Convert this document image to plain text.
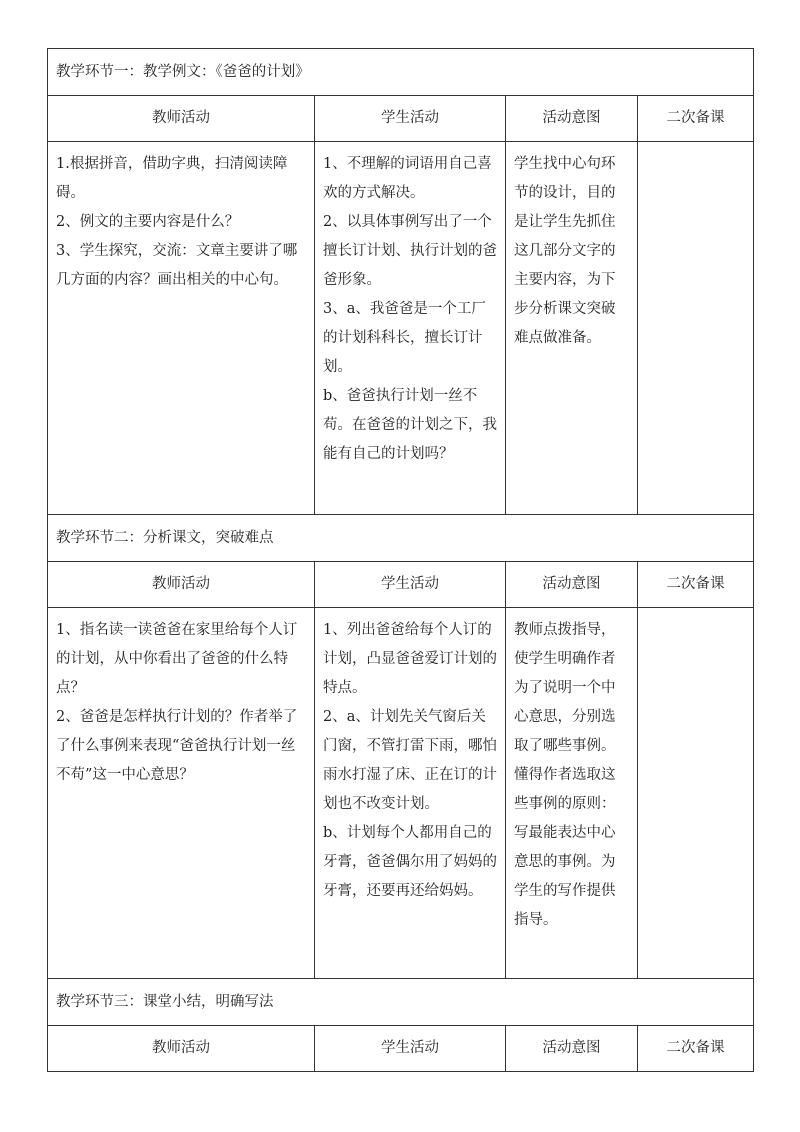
教学环节一：教学例文：《爸爸的计划》			
教师活动	学生活动	活动意图	二次备课

1.根据拼音，借助字典，扫清阅读障碍。
2、例文的主要内容是什么？
3、学生探究，交流：文章主要讲了哪几方面的内容？画出相关的中心句。	1、不理解的词语用自己喜欢的方式解决。
2、以具体事例写出了一个擅长订计划、执行计划的爸爸形象。
3、a、我爸爸是一个工厂的计划科科长，擅长订计划。
b、爸爸执行计划一丝不苟。在爸爸的计划之下，我能有自己的计划吗？	学生找中心句环节的设计，目的是让学生先抓住这几部分文字的主要内容，为下步分析课文突破难点做准备。	

教学环节二：分析课文，突破难点			
教师活动	学生活动	活动意图	二次备课

1、指名读一读爸爸在家里给每个人订的计划，从中你看出了爸爸的什么特点？
2、爸爸是怎样执行计划的？作者举了了什么事例来表现“爸爸执行计划一丝不苟”这一中心意思？	1、列出爸爸给每个人订的计划，凸显爸爸爱订计划的特点。
2、a、计划先关气窗后关门窗，不管打雷下雨，哪怕雨水打湿了床、正在订的计划也不改变计划。
b、计划每个人都用自己的牙膏，爸爸偶尔用了妈妈的牙膏，还要再还给妈妈。	教师点拨指导，使学生明确作者为了说明一个中心意思，分别选取了哪些事例。懂得作者选取这些事例的原则：写最能表达中心意思的事例。为学生的写作提供指导。	

教学环节三：课堂小结，明确写法			
教师活动	学生活动	活动意图	二次备课
